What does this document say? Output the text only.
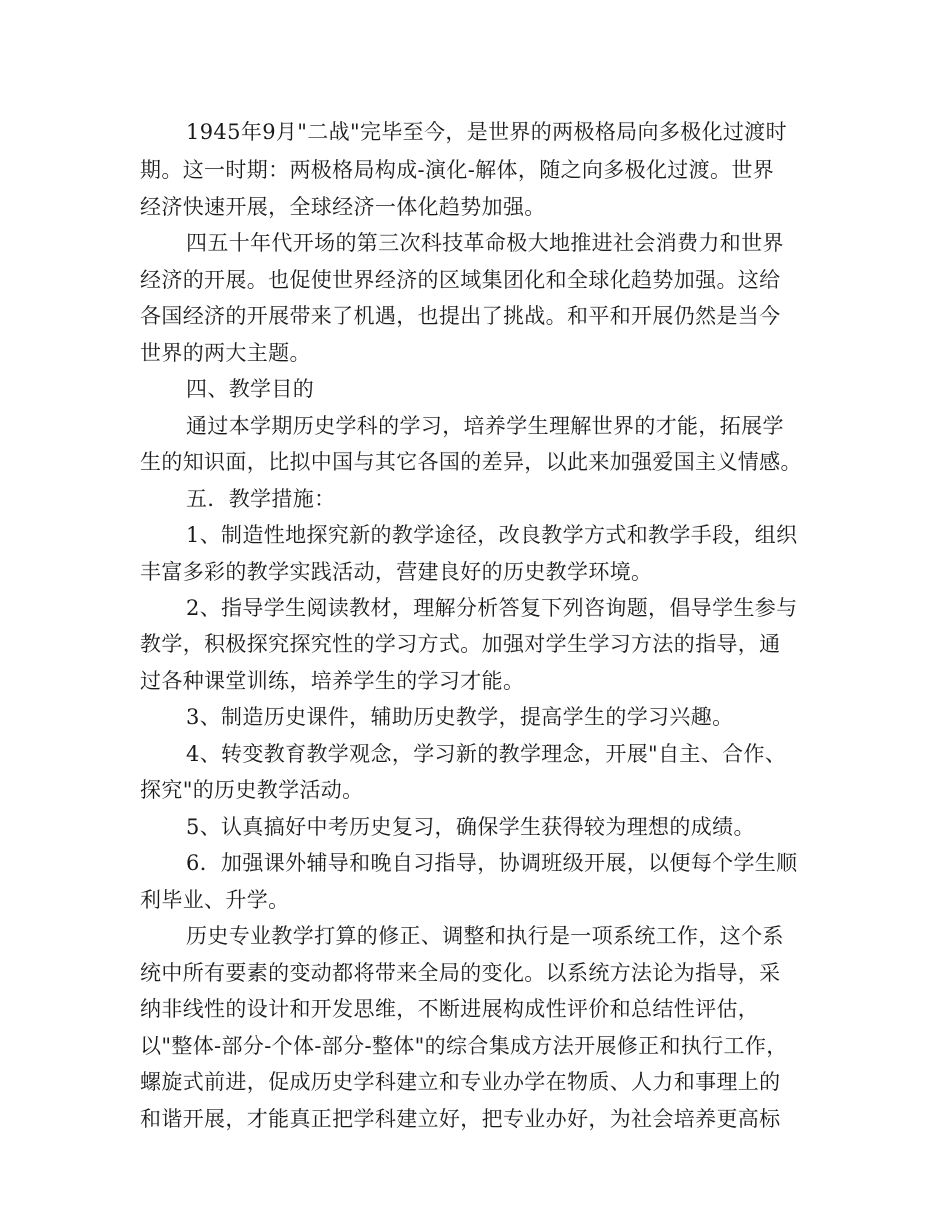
1945年9月"二战"完毕至今，是世界的两极格局向多极化过渡时
期。这一时期：两极格局构成-演化-解体，随之向多极化过渡。世界
经济快速开展，全球经济一体化趋势加强。
四五十年代开场的第三次科技革命极大地推进社会消费力和世界
经济的开展。也促使世界经济的区域集团化和全球化趋势加强。这给
各国经济的开展带来了机遇，也提出了挑战。和平和开展仍然是当今
世界的两大主题。
四、教学目的
通过本学期历史学科的学习，培养学生理解世界的才能，拓展学
生的知识面，比拟中国与其它各国的差异，以此来加强爱国主义情感。
五．教学措施：
1、制造性地探究新的教学途径，改良教学方式和教学手段，组织
丰富多彩的教学实践活动，营建良好的历史教学环境。
2、指导学生阅读教材，理解分析答复下列咨询题，倡导学生参与
教学，积极探究探究性的学习方式。加强对学生学习方法的指导，通
过各种课堂训练，培养学生的学习才能。
3、制造历史课件，辅助历史教学，提高学生的学习兴趣。
4、转变教育教学观念，学习新的教学理念，开展"自主、合作、
探究"的历史教学活动。
5、认真搞好中考历史复习，确保学生获得较为理想的成绩。
6．加强课外辅导和晚自习指导，协调班级开展，以便每个学生顺
利毕业、升学。
历史专业教学打算的修正、调整和执行是一项系统工作，这个系
统中所有要素的变动都将带来全局的变化。以系统方法论为指导，采
纳非线性的设计和开发思维，不断进展构成性评价和总结性评估，
以"整体-部分-个体-部分-整体"的综合集成方法开展修正和执行工作，
螺旋式前进，促成历史学科建立和专业办学在物质、人力和事理上的
和谐开展，才能真正把学科建立好，把专业办好，为社会培养更高标
